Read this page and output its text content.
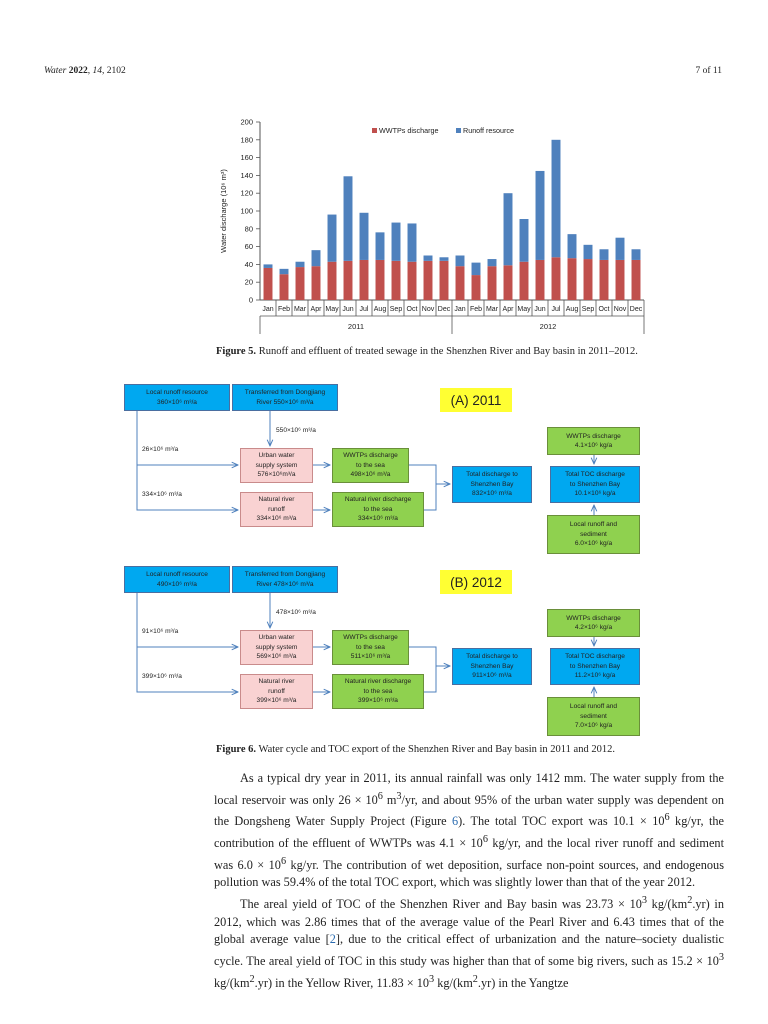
Water 2022, 14, 2102	7 of 11
0
20
40
60
80
100
120
140
160
180
200
Water discharge (10⁶ m³)
Jan Feb Mar Apr May Jun Jul Aug Sep Oct Nov Dec Jan Feb Mar Apr May Jun Jul Aug Sep Oct Nov Dec
2011	2012
WWTPs discharge	Runoff resource
Figure 5. Runoff and effluent of treated sewage in the Shenzhen River and Bay basin in 2011–2012.
Local runoff resource
360×10⁶ m³/a
Transferred from Dongjiang
River 550×10⁶ m³/a	(A) 2011
WWTPs discharge
4.1×10⁶ kg/a
550×10⁶ m³/a
26×10⁶ m³/a
Urban water
supply system
576×10⁶m³/a
WWTPs discharge
to the sea
498×10⁶ m³/a	Total discharge to
Shenzhen Bay
832×10⁶ m³/a
Total TOC discharge
to Shenzhen Bay
10.1×10⁶ kg/a
334×10⁶ m³/a
Natural river
runoff
334×10⁶ m³/a
Natural river discharge
to the sea
334×10⁶ m³/a
Local runoff and
sediment
6.0×10⁶ kg/a
Local runoff resource
490×10⁶ m³/a
Transferred from Dongjiang
River 478×10⁶ m³/a	(B) 2012
WWTPs discharge
4.2×10⁶ kg/a
478×10⁶ m³/a
91×10⁶ m³/a
Urban water
supply system
569×10⁶ m³/a
WWTPs discharge
to the sea
511×10⁶ m³/a	Total discharge to
Shenzhen Bay
911×10⁶ m³/a
Total TOC discharge
to Shenzhen Bay
11.2×10⁶ kg/a
399×10⁶ m³/a
Natural river
runoff
399×10⁶ m³/a
Natural river discharge
to the sea
399×10⁶ m³/a
Local runoff and
sediment
7.0×10⁶ kg/a
Figure 6. Water cycle and TOC export of the Shenzhen River and Bay basin in 2011 and 2012.

As a typical dry year in 2011, its annual rainfall was only 1412 mm. The water supply from the local reservoir was only $26 \times 10^6$ $m^3/yr$, and about 95% of the urban water supply was dependent on the Dongsheng Water Supply Project (Figure 6). The total TOC export was $10.1 \times 10^6$ kg/yr, the contribution of the effluent of WWTPs was $4.1 \times 10^6$ kg/yr, and the local river runoff and sediment was $6.0 \times 10^6$ kg/yr. The contribution of wet deposition, surface non-point sources, and endogenous pollution was 59.4% of the total TOC export, which was slightly lower than that of the year 2012.

The areal yield of TOC of the Shenzhen River and Bay basin was $23.73 \times 10^3$ $kg/(km^2.yr)$ in 2012, which was 2.86 times that of the average value of the Pearl River and 6.43 times that of the global average value [2], due to the critical effect of urbanization and the nature–society dualistic cycle. The areal yield of TOC in this study was higher than that of some big rivers, such as $15.2 \times 10^3$ $kg/(km^2.yr)$ in the Yellow River, $11.83 \times 10^3$ $kg/(km^2.yr)$ in the Yangtze
